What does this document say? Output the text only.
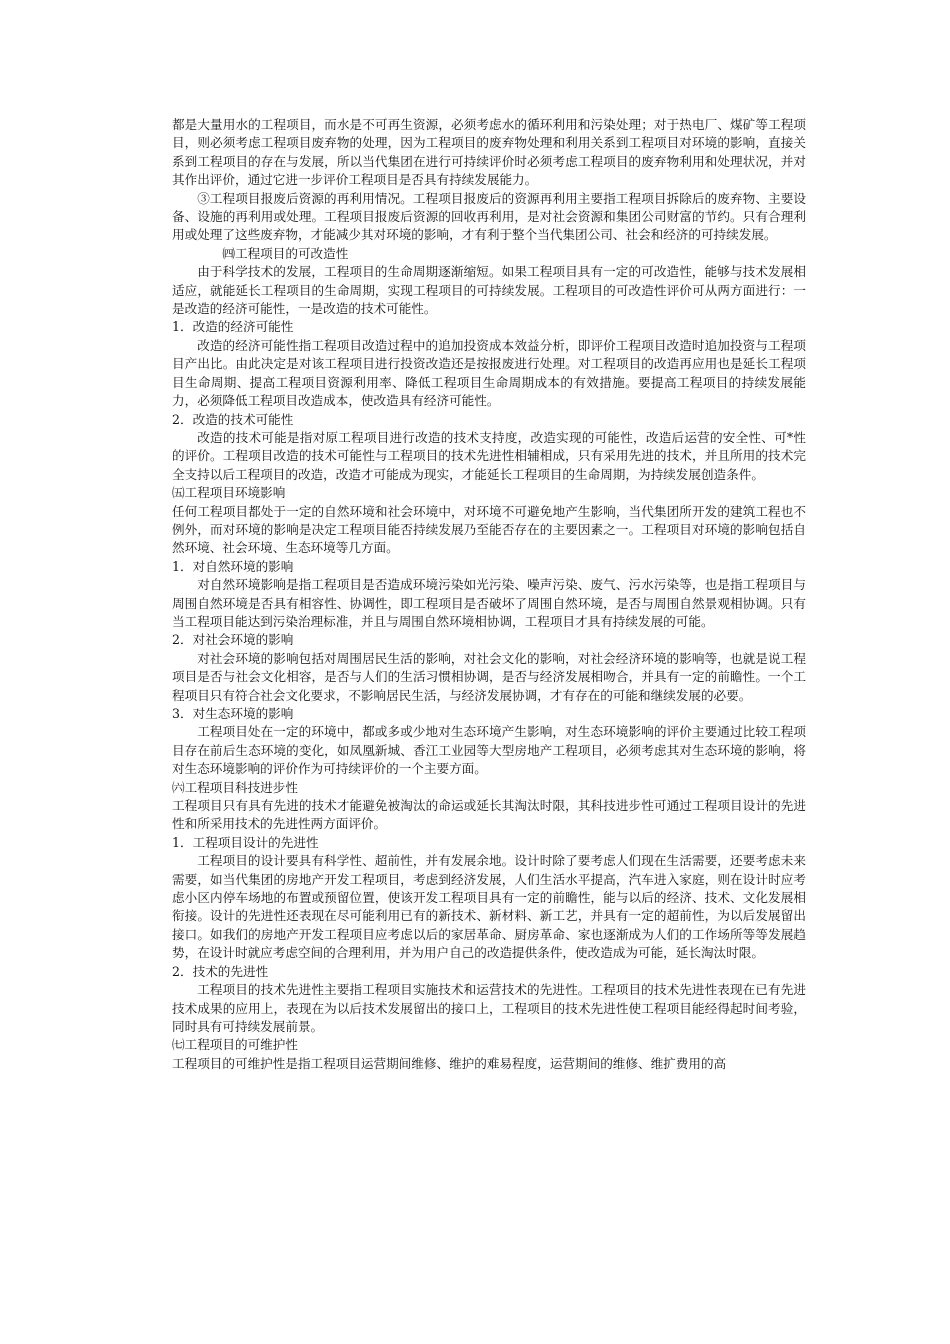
都是大量用水的工程项目，而水是不可再生资源，必须考虑水的循环利用和污染处理；对于热电厂、煤矿等工程项目，则必须考虑工程项目废弃物的处理，因为工程项目的废弃物处理和利用关系到工程项目对环境的影响，直接关系到工程项目的存在与发展，所以当代集团在进行可持续评价时必须考虑工程项目的废弃物利用和处理状况，并对其作出评价，通过它进一步评价工程项目是否具有持续发展能力。

③工程项目报废后资源的再利用情况。工程项目报废后的资源再利用主要指工程项目拆除后的废弃物、主要设备、设施的再利用或处理。工程项目报废后资源的回收再利用，是对社会资源和集团公司财富的节约。只有合理利用或处理了这些废弃物，才能减少其对环境的影响，才有利于整个当代集团公司、社会和经济的可持续发展。

㈣工程项目的可改造性

由于科学技术的发展，工程项目的生命周期逐渐缩短。如果工程项目具有一定的可改造性，能够与技术发展相适应，就能延长工程项目的生命周期，实现工程项目的可持续发展。工程项目的可改造性评价可从两方面进行：一是改造的经济可能性，一是改造的技术可能性。

1．改造的经济可能性

改造的经济可能性指工程项目改造过程中的追加投资成本效益分析，即评价工程项目改造时追加投资与工程项目产出比。由此决定是对该工程项目进行投资改造还是按报废进行处理。对工程项目的改造再应用也是延长工程项目生命周期、提高工程项目资源利用率、降低工程项目生命周期成本的有效措施。要提高工程项目的持续发展能力，必须降低工程项目改造成本，使改造具有经济可能性。

2．改造的技术可能性

改造的技术可能是指对原工程项目进行改造的技术支持度，改造实现的可能性，改造后运营的安全性、可*性的评价。工程项目改造的技术可能性与工程项目的技术先进性相辅相成，只有采用先进的技术，并且所用的技术完全支持以后工程项目的改造，改造才可能成为现实，才能延长工程项目的生命周期，为持续发展创造条件。

㈤工程项目环境影响

任何工程项目都处于一定的自然环境和社会环境中，对环境不可避免地产生影响，当代集团所开发的建筑工程也不例外，而对环境的影响是决定工程项目能否持续发展乃至能否存在的主要因素之一。工程项目对环境的影响包括自然环境、社会环境、生态环境等几方面。

1．对自然环境的影响

对自然环境影响是指工程项目是否造成环境污染如光污染、噪声污染、废气、污水污染等，也是指工程项目与周围自然环境是否具有相容性、协调性，即工程项目是否破坏了周围自然环境，是否与周围自然景观相协调。只有当工程项目能达到污染治理标准，并且与周围自然环境相协调，工程项目才具有持续发展的可能。

2．对社会环境的影响

对社会环境的影响包括对周围居民生活的影响，对社会文化的影响，对社会经济环境的影响等，也就是说工程项目是否与社会文化相容，是否与人们的生活习惯相协调，是否与经济发展相吻合，并具有一定的前瞻性。一个工程项目只有符合社会文化要求，不影响居民生活，与经济发展协调，才有存在的可能和继续发展的必要。

3．对生态环境的影响

工程项目处在一定的环境中，都或多或少地对生态环境产生影响，对生态环境影响的评价主要通过比较工程项目存在前后生态环境的变化，如凤凰新城、香江工业园等大型房地产工程项目，必须考虑其对生态环境的影响，将对生态环境影响的评价作为可持续评价的一个主要方面。

㈥工程项目科技进步性

工程项目只有具有先进的技术才能避免被淘汰的命运或延长其淘汰时限，其科技进步性可通过工程项目设计的先进性和所采用技术的先进性两方面评价。

1．工程项目设计的先进性

工程项目的设计要具有科学性、超前性，并有发展余地。设计时除了要考虑人们现在生活需要，还要考虑未来需要，如当代集团的房地产开发工程项目，考虑到经济发展，人们生活水平提高，汽车进入家庭，则在设计时应考虑小区内停车场地的布置或预留位置，使该开发工程项目具有一定的前瞻性，能与以后的经济、技术、文化发展相衔接。设计的先进性还表现在尽可能利用已有的新技术、新材料、新工艺，并具有一定的超前性，为以后发展留出接口。如我们的房地产开发工程项目应考虑以后的家居革命、厨房革命、家也逐渐成为人们的工作场所等等发展趋势，在设计时就应考虑空间的合理利用，并为用户自己的改造提供条件，使改造成为可能，延长淘汰时限。

2．技术的先进性

工程项目的技术先进性主要指工程项目实施技术和运营技术的先进性。工程项目的技术先进性表现在已有先进技术成果的应用上，表现在为以后技术发展留出的接口上，工程项目的技术先进性使工程项目能经得起时间考验，同时具有可持续发展前景。

㈦工程项目的可维护性

工程项目的可维护性是指工程项目运营期间维修、维护的难易程度，运营期间的维修、维扩费用的高
